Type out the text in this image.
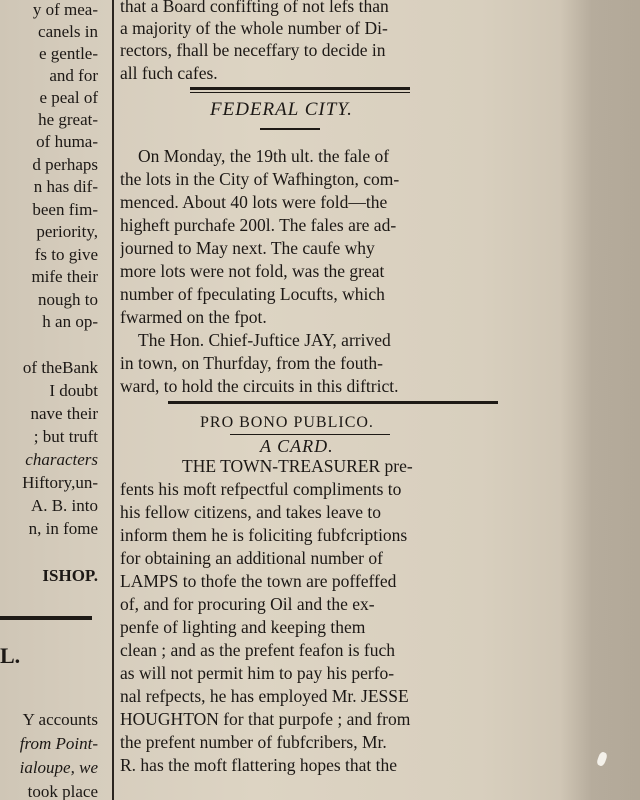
y of mea-
canels in
e gentle-
and for
e peal of
he great-
of huma-
d perhaps
n has dif-
been fim-
periority,
fs to give
mife their
nough to
h an op-
of theBank
I doubt
nave their
; but truft
characters
Hiftory,un-
A. B. into
n, in fome
ISHOP.
L.
Y accounts
from Point-
ialoupe, we
took place
that a Board confifting of not lefs than
a majority of the whole number of Di-
rectors, fhall be neceffary to decide in
all fuch cafes.
FEDERAL CITY.
On Monday, the 19th ult. the fale of
the lots in the City of Wafhington, com-
menced. About 40 lots were fold—the
higheft purchafe 200l. The fales are ad-
journed to May next. The caufe why
more lots were not fold, was the great
number of fpeculating Locufts, which
fwarmed on the fpot.
The Hon. Chief-Juftice JAY, arrived
in town, on Thurfday, from the fouth-
ward, to hold the circuits in this diftrict.
PRO BONO PUBLICO.
A CARD.
THE TOWN-TREASURER pre-
fents his moft refpectful compliments to
his fellow citizens, and takes leave to
inform them he is foliciting fubfcriptions
for obtaining an additional number of
LAMPS to thofe the town are poffeffed
of, and for procuring Oil and the ex-
penfe of lighting and keeping them
clean ; and as the prefent feafon is fuch
as will not permit him to pay his perfo-
nal refpects, he has employed Mr. JESSE
HOUGHTON for that purpofe ; and from
the prefent number of fubfcribers, Mr.
R. has the moft flattering hopes that the
